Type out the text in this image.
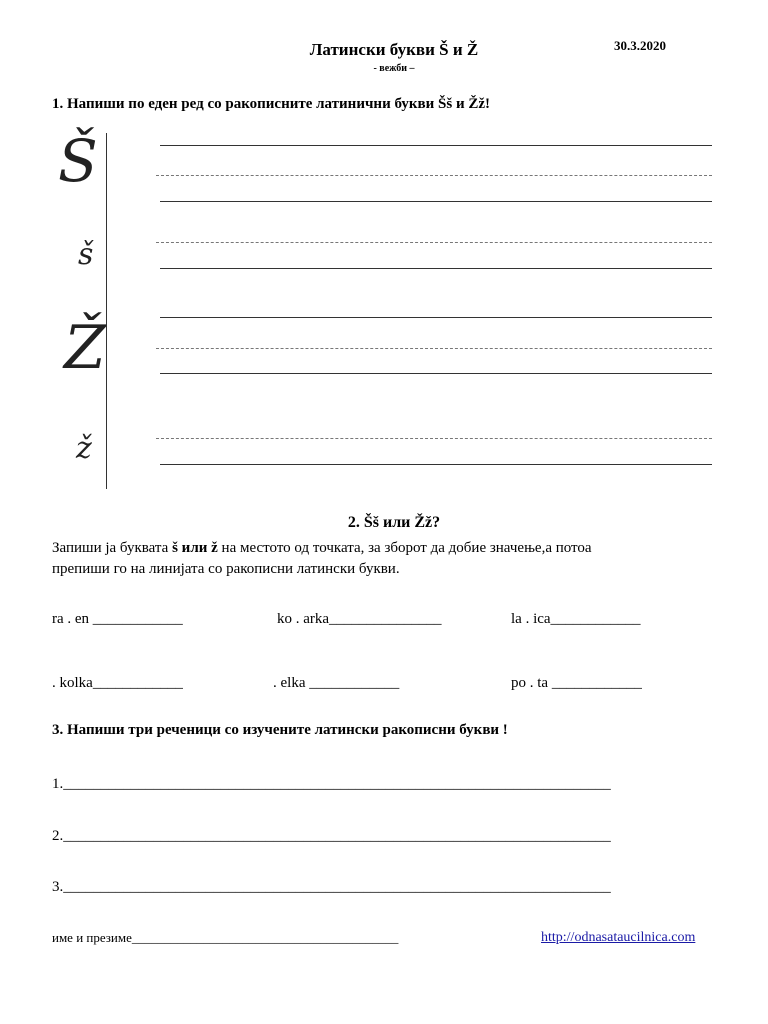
Латински букви Š и Ž
- вежби –
30.3.2020
1. Напиши по еден ред со ракописните латинични букви Šš и Žž!
Š
š
Ž
ž
2. Šš или Žž?
Запиши ја буквата š или ž на местото од точката, за зборот да добие значење,а потоа
препиши го на линијата со ракописни латински букви.
ra . en ____________	ko . arka_______________	la . ica____________
. kolka____________	. elka ____________	po . ta ____________
3. Напиши три реченици со изучените латински ракописни букви !
1._________________________________________________________________________
2._________________________________________________________________________
3._________________________________________________________________________
име и презиме_________________________________________	http://odnasataucilnica.com
